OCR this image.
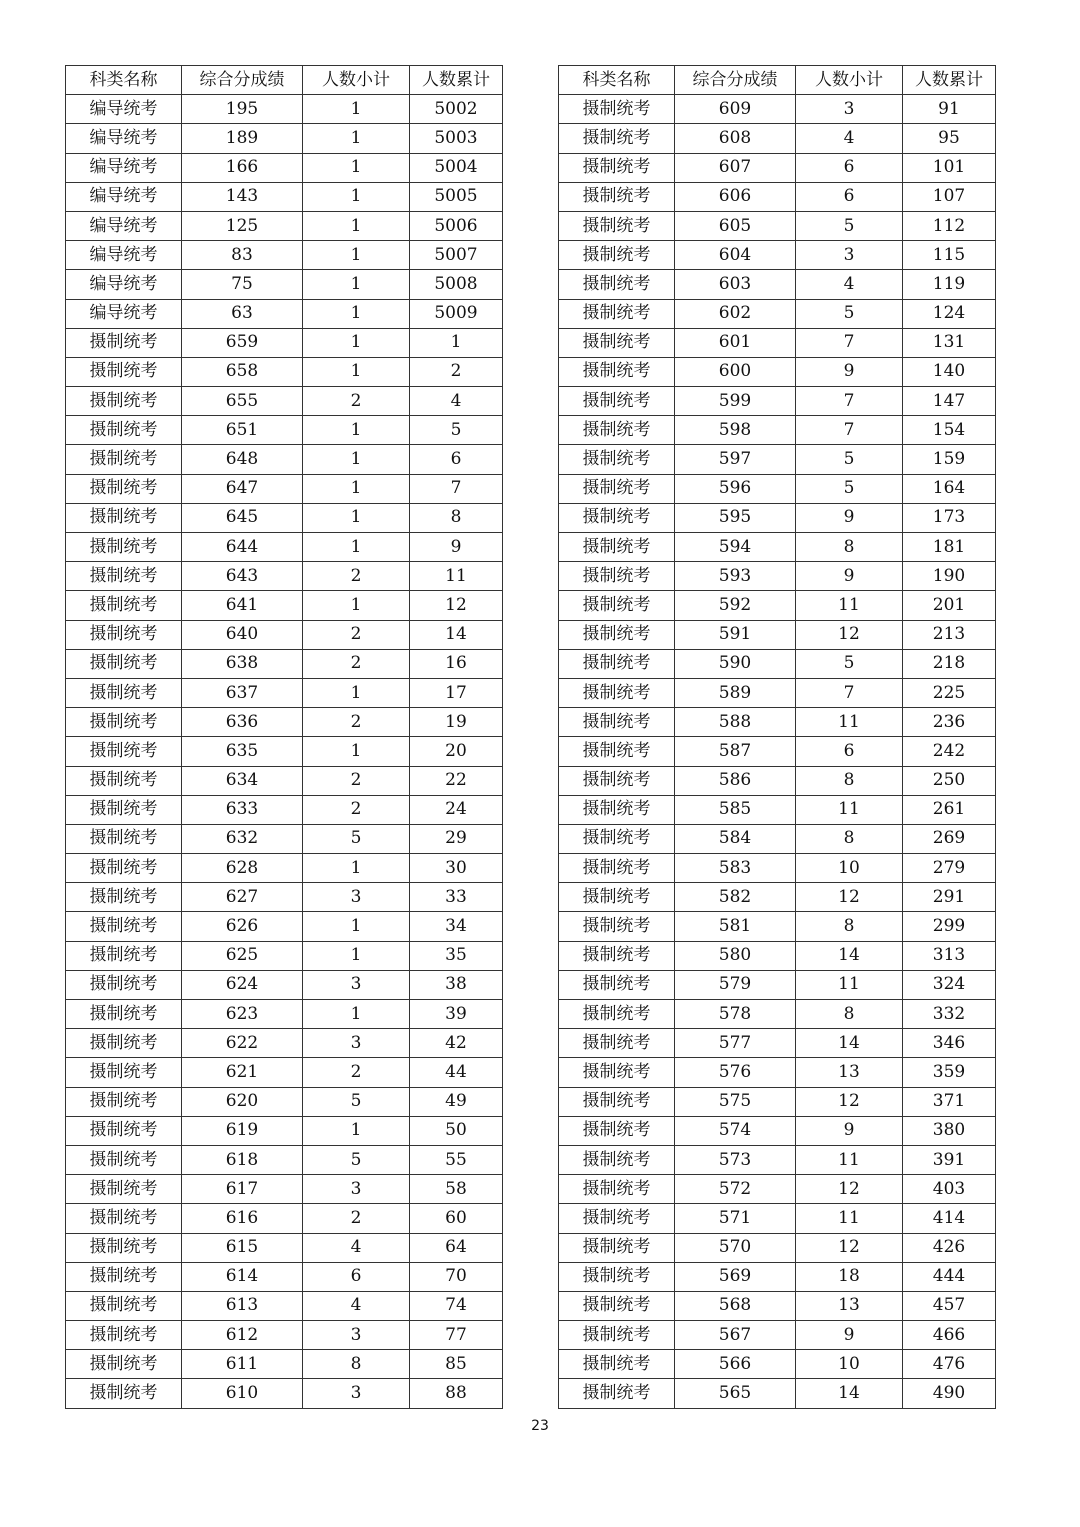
科类名称	综合分成绩	人数小计	人数累计
编导统考	195	1	5002
编导统考	189	1	5003
编导统考	166	1	5004
编导统考	143	1	5005
编导统考	125	1	5006
编导统考	83	1	5007
编导统考	75	1	5008
编导统考	63	1	5009
摄制统考	659	1	1
摄制统考	658	1	2
摄制统考	655	2	4
摄制统考	651	1	5
摄制统考	648	1	6
摄制统考	647	1	7
摄制统考	645	1	8
摄制统考	644	1	9
摄制统考	643	2	11
摄制统考	641	1	12
摄制统考	640	2	14
摄制统考	638	2	16
摄制统考	637	1	17
摄制统考	636	2	19
摄制统考	635	1	20
摄制统考	634	2	22
摄制统考	633	2	24
摄制统考	632	5	29
摄制统考	628	1	30
摄制统考	627	3	33
摄制统考	626	1	34
摄制统考	625	1	35
摄制统考	624	3	38
摄制统考	623	1	39
摄制统考	622	3	42
摄制统考	621	2	44
摄制统考	620	5	49
摄制统考	619	1	50
摄制统考	618	5	55
摄制统考	617	3	58
摄制统考	616	2	60
摄制统考	615	4	64
摄制统考	614	6	70
摄制统考	613	4	74
摄制统考	612	3	77
摄制统考	611	8	85
摄制统考	610	3	88
科类名称	综合分成绩	人数小计	人数累计
摄制统考	609	3	91
摄制统考	608	4	95
摄制统考	607	6	101
摄制统考	606	6	107
摄制统考	605	5	112
摄制统考	604	3	115
摄制统考	603	4	119
摄制统考	602	5	124
摄制统考	601	7	131
摄制统考	600	9	140
摄制统考	599	7	147
摄制统考	598	7	154
摄制统考	597	5	159
摄制统考	596	5	164
摄制统考	595	9	173
摄制统考	594	8	181
摄制统考	593	9	190
摄制统考	592	11	201
摄制统考	591	12	213
摄制统考	590	5	218
摄制统考	589	7	225
摄制统考	588	11	236
摄制统考	587	6	242
摄制统考	586	8	250
摄制统考	585	11	261
摄制统考	584	8	269
摄制统考	583	10	279
摄制统考	582	12	291
摄制统考	581	8	299
摄制统考	580	14	313
摄制统考	579	11	324
摄制统考	578	8	332
摄制统考	577	14	346
摄制统考	576	13	359
摄制统考	575	12	371
摄制统考	574	9	380
摄制统考	573	11	391
摄制统考	572	12	403
摄制统考	571	11	414
摄制统考	570	12	426
摄制统考	569	18	444
摄制统考	568	13	457
摄制统考	567	9	466
摄制统考	566	10	476
摄制统考	565	14	490
23
